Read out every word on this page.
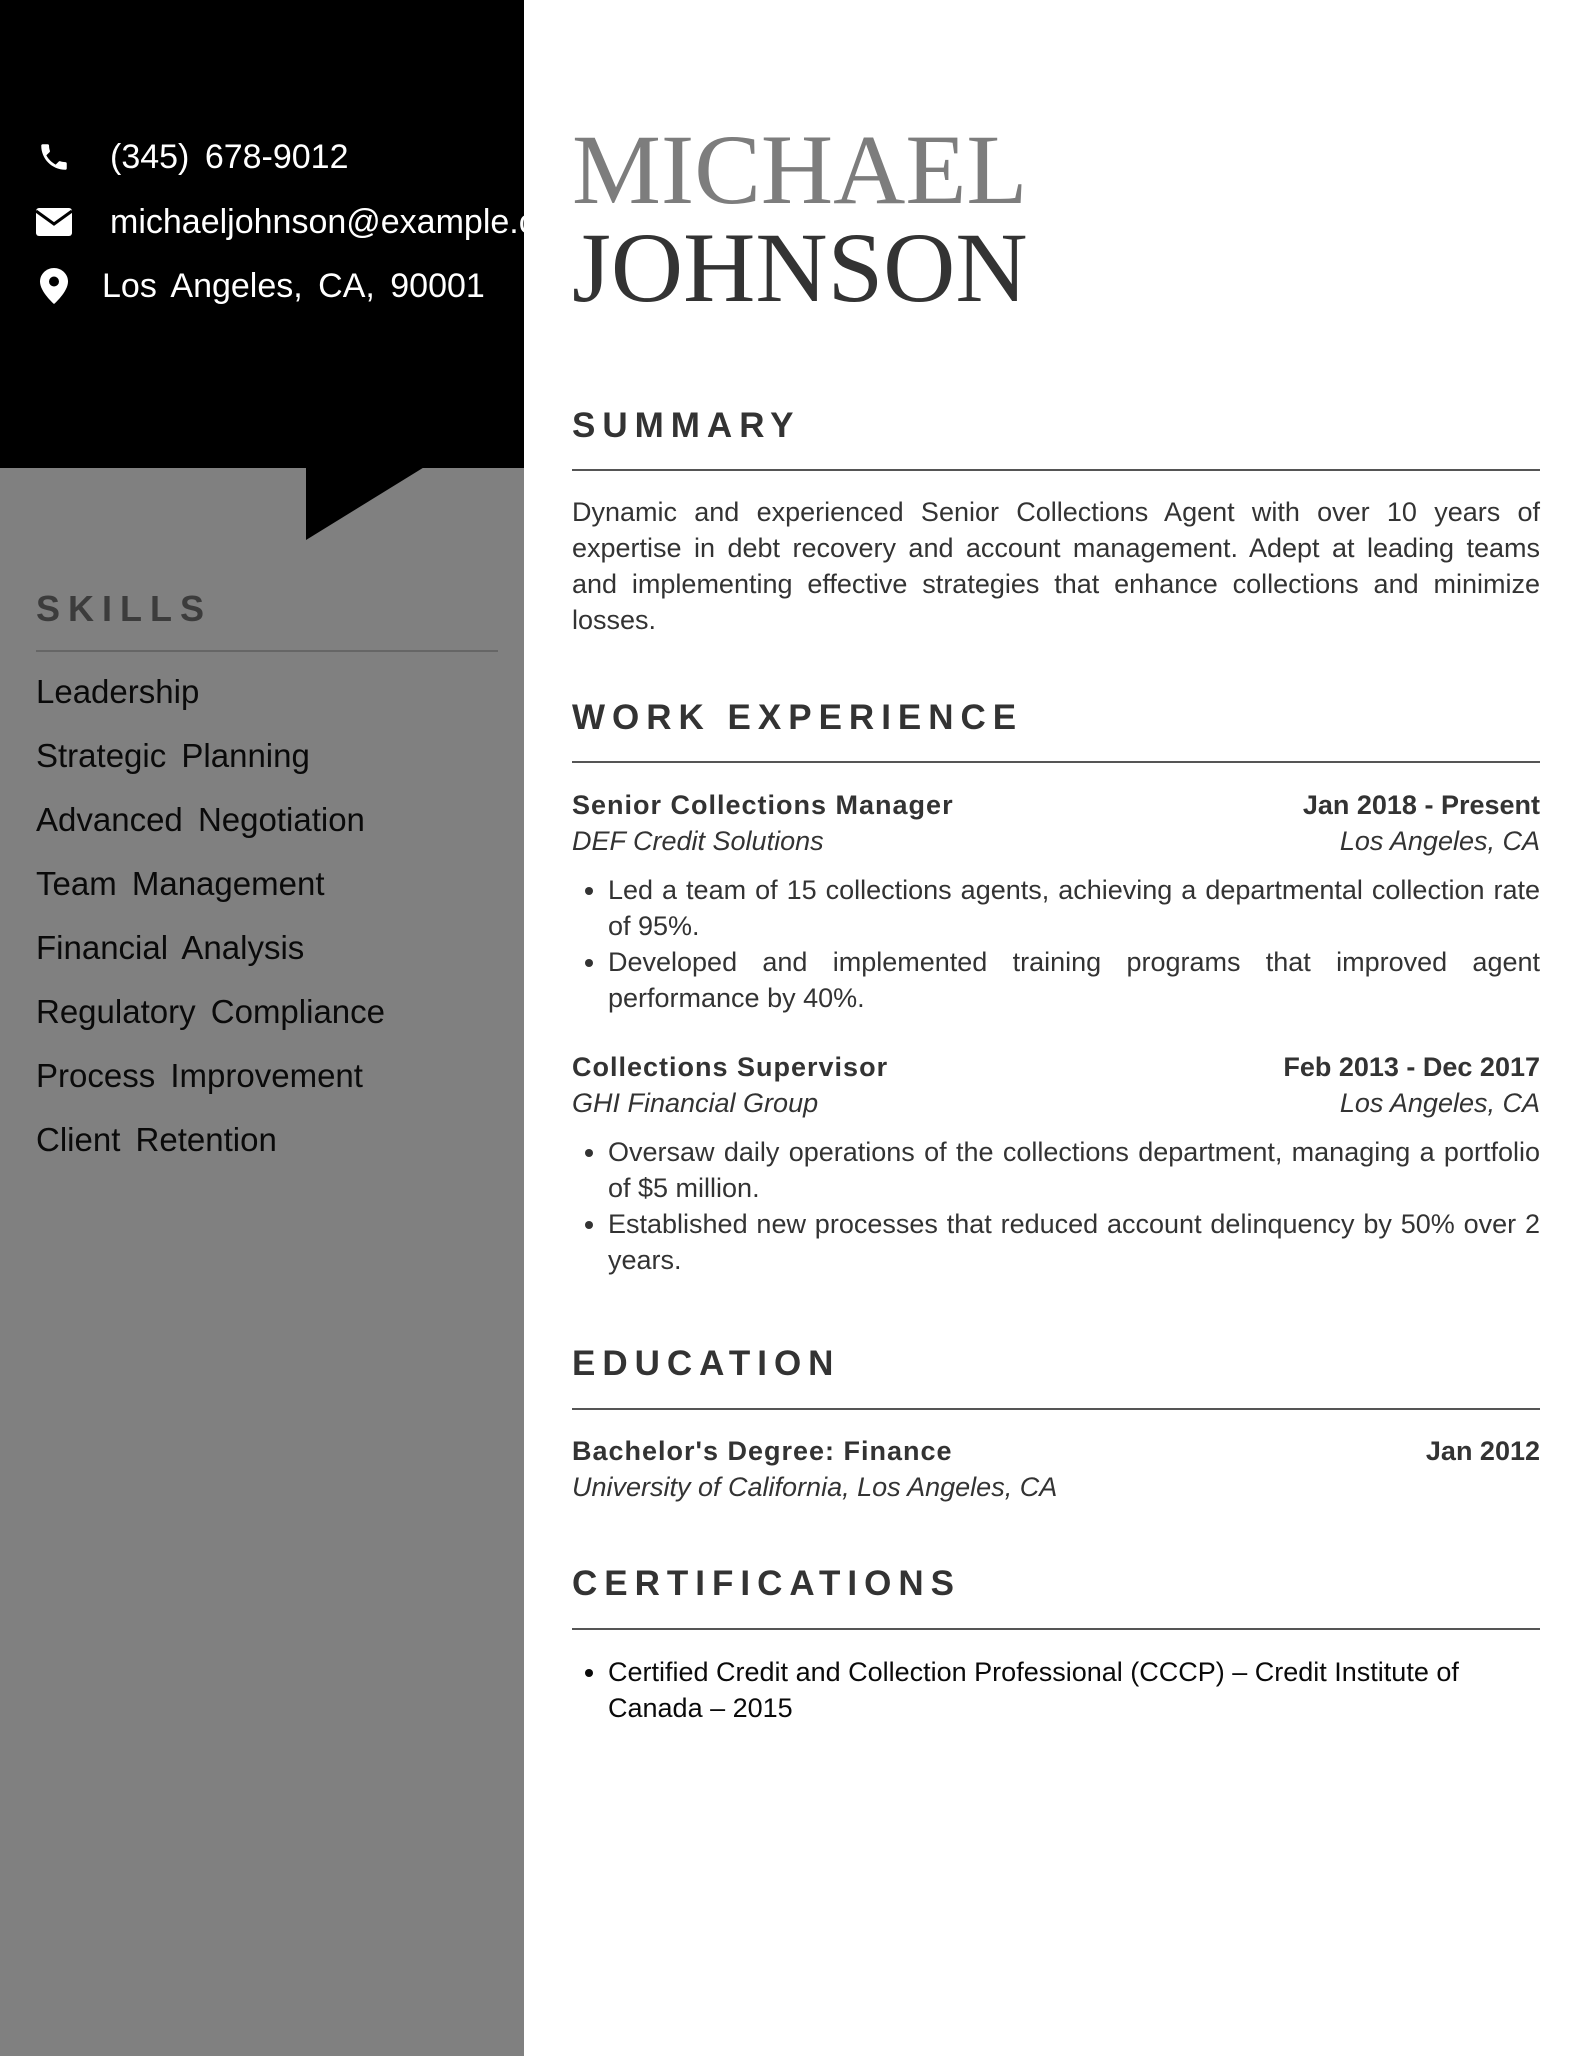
(345) 678-9012
michaeljohnson@example.com
Los Angeles, CA, 90001
SKILLS
Leadership
Strategic Planning
Advanced Negotiation
Team Management
Financial Analysis
Regulatory Compliance
Process Improvement
Client Retention
MICHAEL
JOHNSON
SUMMARY

Dynamic and experienced Senior Collections Agent with over 10 years of expertise in debt recovery and account management. Adept at leading teams and implementing effective strategies that enhance collections and minimize losses.

WORK EXPERIENCE
Senior Collections Manager	Jan 2018 - Present
DEF Credit Solutions	Los Angeles, CA
• Led a team of 15 collections agents, achieving a departmental collection rate of 95%.
• Developed and implemented training programs that improved agent performance by 40%.
Collections Supervisor	Feb 2013 - Dec 2017
GHI Financial Group	Los Angeles, CA
• Oversaw daily operations of the collections department, managing a portfolio of $5 million.
• Established new processes that reduced account delinquency by 50% over 2 years.
EDUCATION
Bachelor's Degree: Finance	Jan 2012
University of California, Los Angeles, CA
CERTIFICATIONS
• Certified Credit and Collection Professional (CCCP) – Credit Institute of Canada – 2015
